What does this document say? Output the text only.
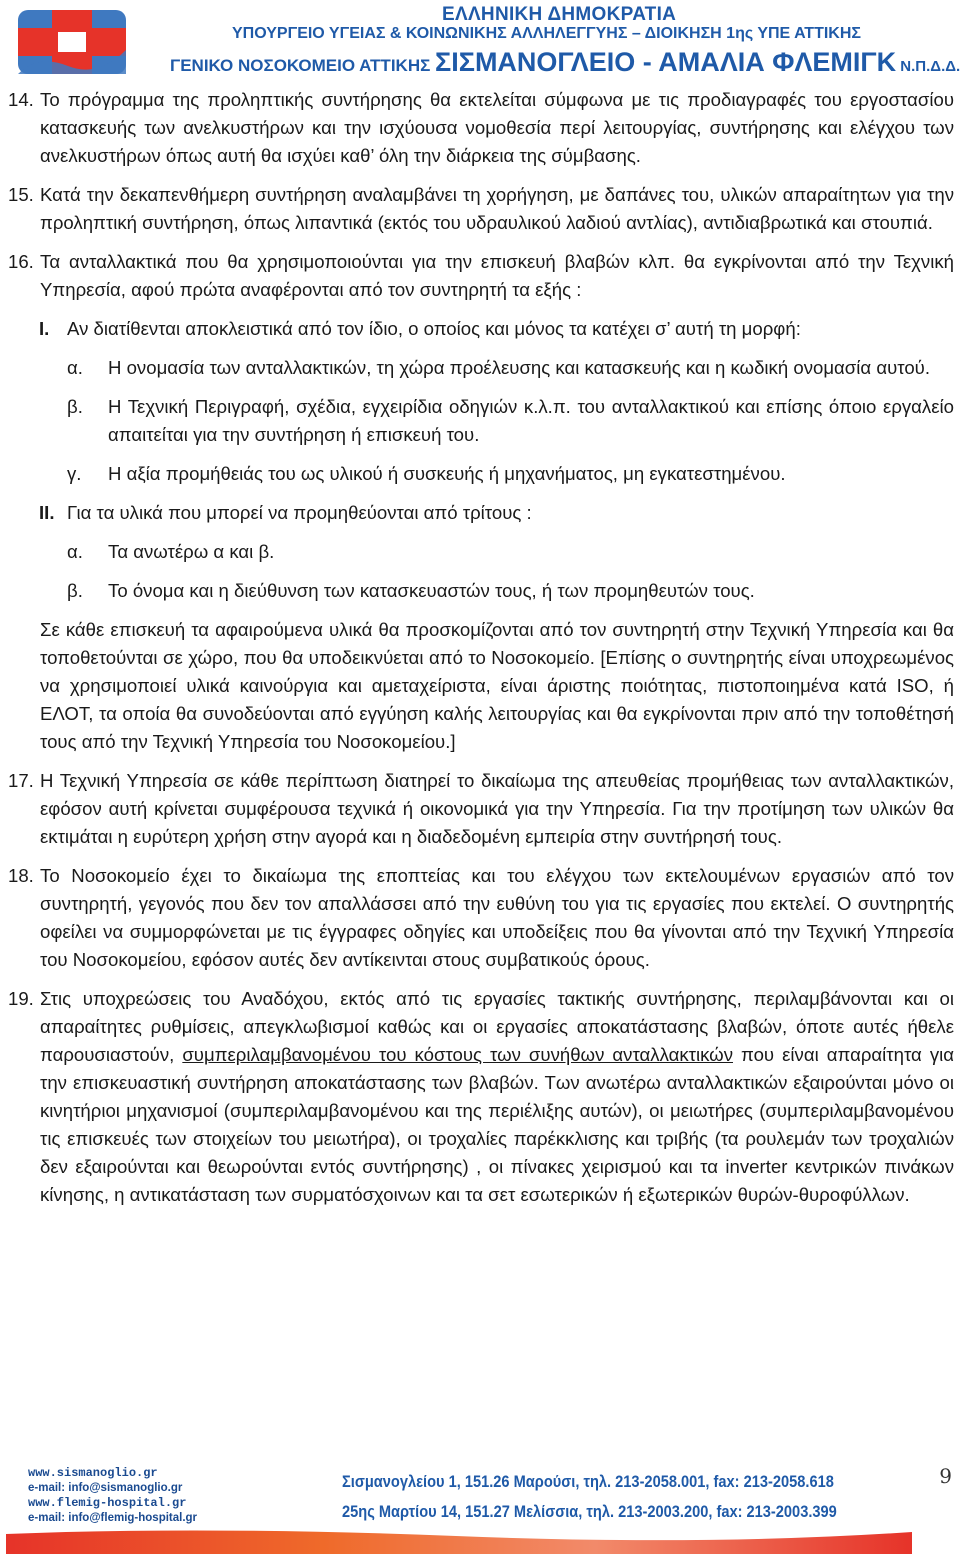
ΕΛΛΗΝΙΚΗ ΔΗΜΟΚΡΑΤΙΑ
ΥΠΟΥΡΓΕΙΟ ΥΓΕΙΑΣ & ΚΟΙΝΩΝΙΚΗΣ ΑΛΛΗΛΕΓΓΥΗΣ – ΔΙΟΙΚΗΣΗ 1ης ΥΠΕ ΑΤΤΙΚΗΣ
ΓΕΝΙΚΟ ΝΟΣΟΚΟΜΕΙΟ ΑΤΤΙΚΗΣ ΣΙΣΜΑΝΟΓΛΕΙΟ - ΑΜΑΛΙΑ ΦΛΕΜΙΓΚ Ν.Π.Δ.Δ.

14. Το πρόγραμμα της προληπτικής συντήρησης θα εκτελείται σύμφωνα με τις προδιαγραφές του εργοστασίου κατασκευής των ανελκυστήρων και την ισχύουσα νομοθεσία περί λειτουργίας, συντήρησης και ελέγχου των ανελκυστήρων όπως αυτή θα ισχύει καθ’ όλη την διάρκεια της σύμβασης.

15. Κατά την δεκαπενθήμερη συντήρηση αναλαμβάνει τη χορήγηση, με δαπάνες του, υλικών απαραίτητων για την προληπτική συντήρηση, όπως λιπαντικά (εκτός του υδραυλικού λαδιού αντλίας), αντιδιαβρωτικά και στουπιά.

16. Τα ανταλλακτικά που θα χρησιμοποιούνται για την επισκευή βλαβών κλπ. θα εγκρίνονται από την Τεχνική Υπηρεσία, αφού πρώτα αναφέρονται από τον συντηρητή τα εξής :

I. Αν διατίθενται αποκλειστικά από τον ίδιο, ο οποίος και μόνος τα κατέχει σ’ αυτή τη μορφή:

α. Η ονομασία των ανταλλακτικών, τη χώρα προέλευσης και κατασκευής και η κωδική ονομασία αυτού.

β. Η Τεχνική Περιγραφή, σχέδια, εγχειρίδια οδηγιών κ.λ.π. του ανταλλακτικού και επίσης όποιο εργαλείο απαιτείται για την συντήρηση ή επισκευή του.

γ. Η αξία προμήθειάς του ως υλικού ή συσκευής ή μηχανήματος, μη εγκατεστημένου.

II. Για τα υλικά που μπορεί να προμηθεύονται από τρίτους :

α. Τα ανωτέρω α και β.

β. Το όνομα και η διεύθυνση των κατασκευαστών τους, ή των προμηθευτών τους.

Σε κάθε επισκευή τα αφαιρούμενα υλικά θα προσκομίζονται από τον συντηρητή στην Τεχνική Υπηρεσία και θα τοποθετούνται σε χώρο, που θα υποδεικνύεται από το Νοσοκομείο. [Επίσης ο συντηρητής είναι υποχρεωμένος να χρησιμοποιεί υλικά καινούργια και αμεταχείριστα, είναι άριστης ποιότητας, πιστοποιημένα κατά ISO, ή ΕΛΟΤ, τα οποία θα συνοδεύονται από εγγύηση καλής λειτουργίας και θα εγκρίνονται πριν από την τοποθέτησή τους από την Τεχνική Υπηρεσία του Νοσοκομείου.]

17. Η Τεχνική Υπηρεσία σε κάθε περίπτωση διατηρεί το δικαίωμα της απευθείας προμήθειας των ανταλλακτικών, εφόσον αυτή κρίνεται συμφέρουσα τεχνικά ή οικονομικά για την Υπηρεσία. Για την προτίμηση των υλικών θα εκτιμάται η ευρύτερη χρήση στην αγορά και η διαδεδομένη εμπειρία στην συντήρησή τους.

18. Το Νοσοκομείο έχει το δικαίωμα της εποπτείας και του ελέγχου των εκτελουμένων εργασιών από τον συντηρητή, γεγονός που δεν τον απαλλάσσει από την ευθύνη του για τις εργασίες που εκτελεί. Ο συντηρητής οφείλει να συμμορφώνεται με τις έγγραφες οδηγίες και υποδείξεις που θα γίνονται από την Τεχνική Υπηρεσία του Νοσοκομείου, εφόσον αυτές δεν αντίκεινται στους συμβατικούς όρους.

19. Στις υποχρεώσεις του Αναδόχου, εκτός από τις εργασίες τακτικής συντήρησης, περιλαμβάνονται και οι απαραίτητες ρυθμίσεις, απεγκλωβισμοί καθώς και οι εργασίες αποκατάστασης βλαβών, όποτε αυτές ήθελε παρουσιαστούν, συμπεριλαμβανομένου του κόστους των συνήθων ανταλλακτικών που είναι απαραίτητα για την επισκευαστική συντήρηση αποκατάστασης των βλαβών. Των ανωτέρω ανταλλακτικών εξαιρούνται μόνο οι κινητήριοι μηχανισμοί (συμπεριλαμβανομένου και της περιέλιξης αυτών), οι μειωτήρες (συμπεριλαμβανομένου τις επισκευές των στοιχείων του μειωτήρα), οι τροχαλίες παρέκκλισης και τριβής (τα ρουλεμάν των τροχαλιών δεν εξαιρούνται και θεωρούνται εντός συντήρησης) , οι πίνακες χειρισμού και τα inverter κεντρικών πινάκων κίνησης, η αντικατάσταση των συρματόσχοινων και τα σετ εσωτερικών ή εξωτερικών θυρών-θυροφύλλων.

www.sismanoglio.gr
e-mail: info@sismanoglio.gr
www.flemig-hospital.gr
e-mail: info@flemig-hospital.gr
Σισμανογλείου 1, 151.26 Μαρούσι, τηλ. 213-2058.001, fax: 213-2058.618
25ης Μαρτίου 14, 151.27 Μελίσσια, τηλ. 213-2003.200, fax: 213-2003.399
9
